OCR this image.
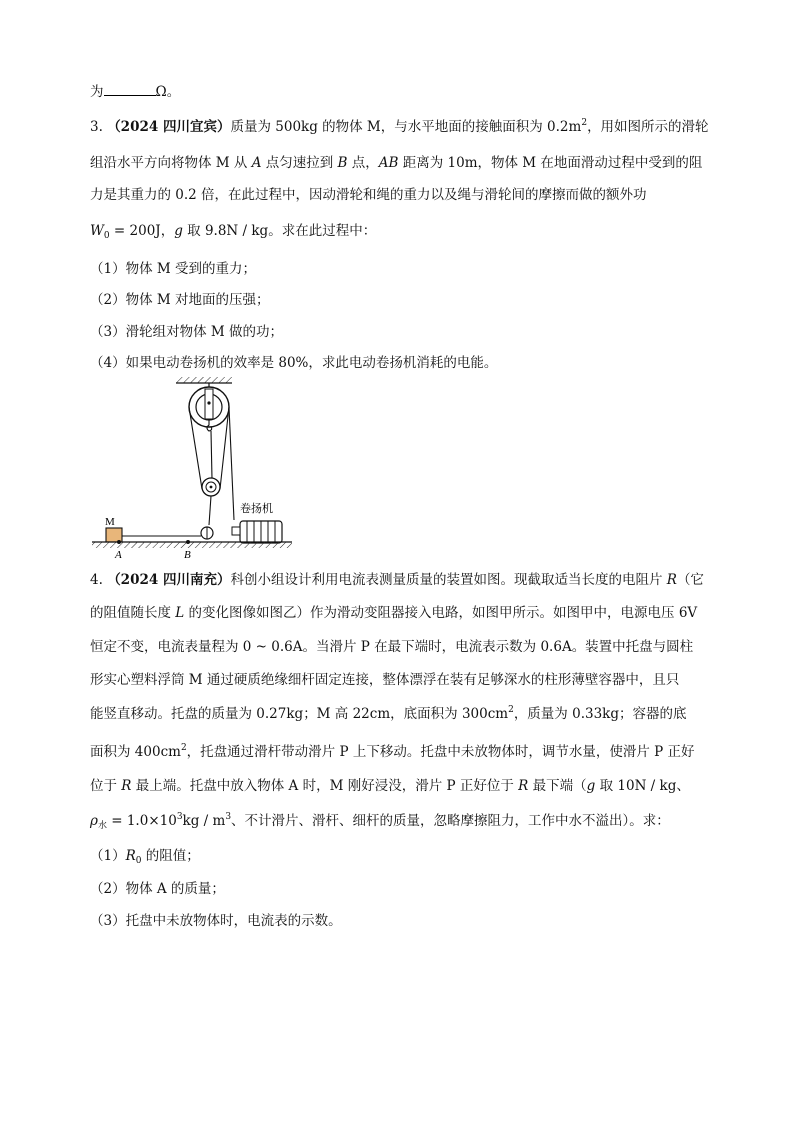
为	Ω。
3. （2024 四川宜宾）质量为 500kg 的物体 M，与水平地面的接触面积为 $0.2m^2$，用如图所示的滑轮
组沿水平方向将物体 M 从 A 点匀速拉到 B 点，AB 距离为 10m，物体 M 在地面滑动过程中受到的阻
力是其重力的 0.2 倍，在此过程中，因动滑轮和绳的重力以及绳与滑轮间的摩擦而做的额外功
$W_0 = 200J$，g 取 9.8N / kg。求在此过程中：
（1）物体 M 受到的重力；
（2）物体 M 对地面的压强；
（3）滑轮组对物体 M 做的功；
（4）如果电动卷扬机的效率是 80%，求此电动卷扬机消耗的电能。
M
卷扬机
A	B
4. （2024 四川南充）科创小组设计利用电流表测量质量的装置如图。现截取适当长度的电阻片 R（它
的阻值随长度 L 的变化图像如图乙）作为滑动变阻器接入电路，如图甲所示。如图甲中，电源电压 6V
恒定不变，电流表量程为 0 ~ 0.6A。当滑片 P 在最下端时，电流表示数为 0.6A。装置中托盘与圆柱
形实心塑料浮筒 M 通过硬质绝缘细杆固定连接，整体漂浮在装有足够深水的柱形薄壁容器中，且只
能竖直移动。托盘的质量为 0.27kg；M 高 22cm，底面积为 $300cm^2$，质量为 0.33kg；容器的底
面积为 $400cm^2$，托盘通过滑杆带动滑片 P 上下移动。托盘中未放物体时，调节水量，使滑片 P 正好
位于 R 最上端。托盘中放入物体 A 时，M 刚好浸没，滑片 P 正好位于 R 最下端（g 取 10N / kg、
$\rho_水 = 1.0\times 10^3kg / m^3$、不计滑片、滑杆、细杆的质量，忽略摩擦阻力，工作中水不溢出）。求：
$(1)R_0$ 的阻值；
（2）物体 A 的质量；
（3）托盘中未放物体时，电流表的示数。
